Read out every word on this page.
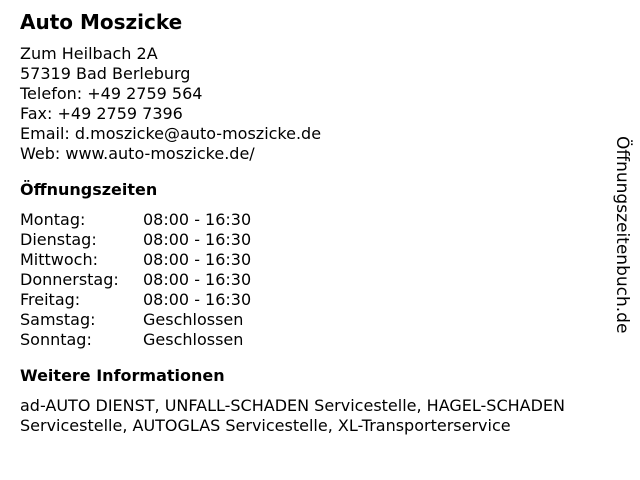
Auto Moszicke
Zum Heilbach 2A
57319 Bad Berleburg
Telefon: +49 2759 564
Fax: +49 2759 7396
Email: d.moszicke@auto-moszicke.de
Web: www.auto-moszicke.de/
Öffnungszeiten
Montag:	08:00 - 16:30
Dienstag:	08:00 - 16:30
Mittwoch:	08:00 - 16:30
Donnerstag:	08:00 - 16:30
Freitag:	08:00 - 16:30
Samstag:	Geschlossen
Sonntag:	Geschlossen
Weitere Informationen
ad-AUTO DIENST, UNFALL-SCHADEN Servicestelle, HAGEL-SCHADEN Servicestelle, AUTOGLAS Servicestelle, XL-Transporterservice
Öffnungszeitenbuch.de
